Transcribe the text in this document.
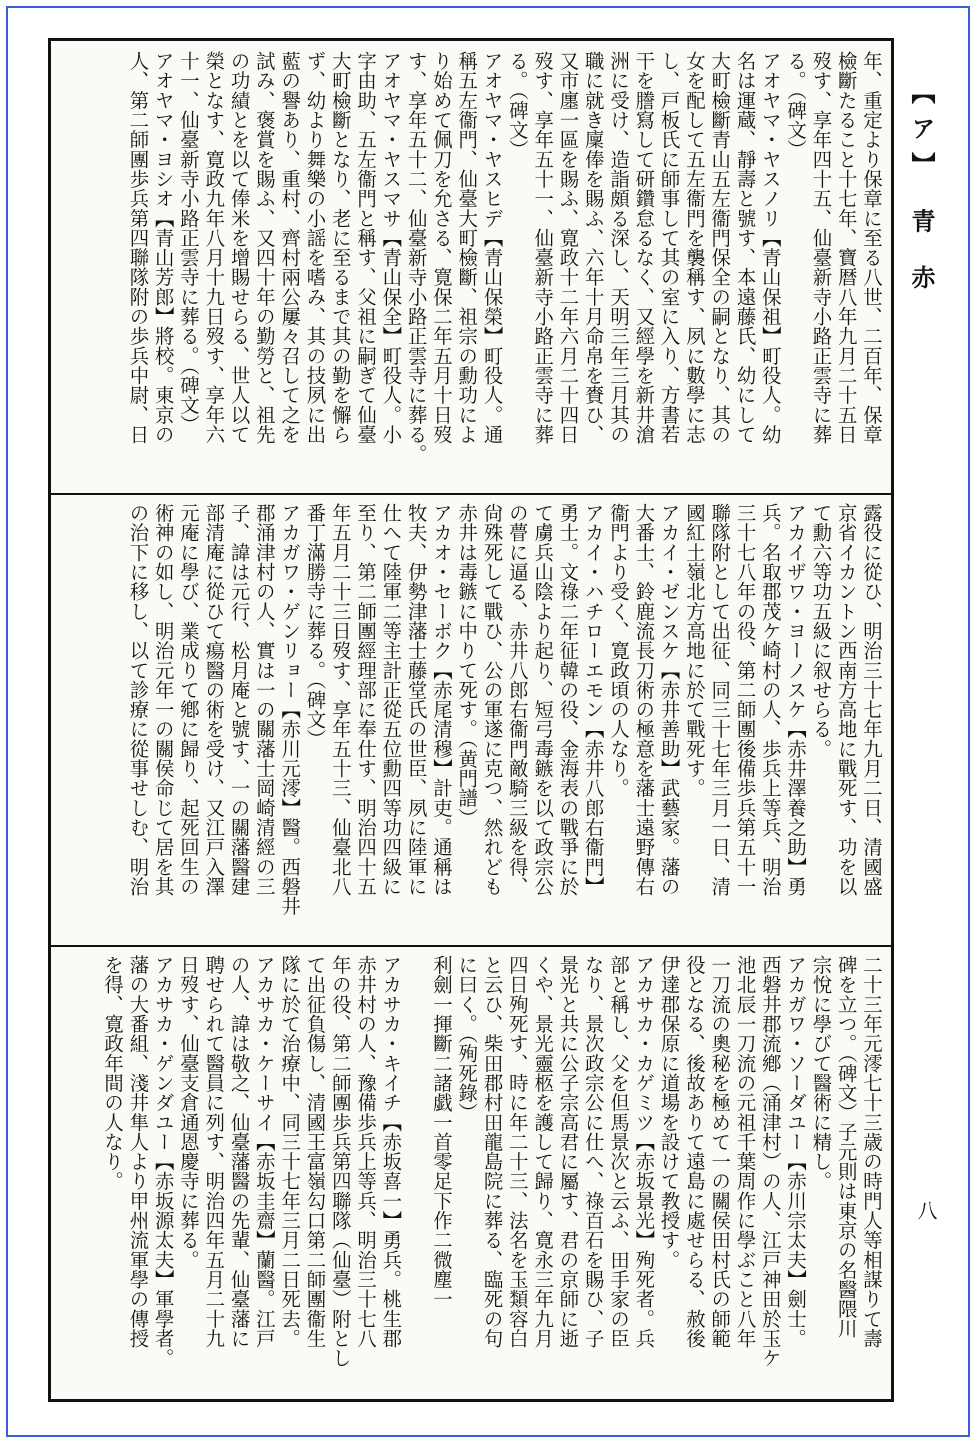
【ア】 青 赤
八
年、重定より保章に至る八世、二百年、保章
檢斷たること十七年、寶暦八年九月二十五日
歿す、享年四十五、仙臺新寺小路正雲寺に葬
る。（碑文）
アオヤマ・ヤスノリ【青山保祖】町役人。幼
名は運蔵、靜壽と號す、本遠藤氏、幼にして
大町檢斷青山五左衞門保全の嗣となり、其の
女を配して五左衞門を襲稱す、夙に數學に志
し、戸板氏に師事して其の室に入り、方書若
干を謄寫して研鑽怠るなく、又經學を新井滄
洲に受け、造詣頗る深し、天明三年三月其の
職に就き廩俸を賜ふ、六年十月命帛を賚ひ、
又市廛一區を賜ふ、寛政十二年六月二十四日
歿す、享年五十一、仙臺新寺小路正雲寺に葬
る。（碑文）
アオヤマ・ヤスヒデ【青山保榮】町役人。通
稱五左衞門、仙臺大町檢斷、祖宗の勳功によ
り始めて佩刀を允さる、寛保二年五月十日歿
す、享年五十二、仙臺新寺小路正雲寺に葬る。
アオヤマ・ヤスマサ【青山保全】町役人。小
字由助、五左衞門と稱す、父祖に嗣ぎて仙臺
大町檢斷となり、老に至るまで其の勤を懈ら
ず、幼より舞樂の小謡を嗜み、其の技夙に出
藍の譽あり、重村、齊村兩公屢々召して之を
試み、褒賞を賜ふ、又四十年の勤勞と、祖先
の功績とを以て俸米を增賜せらる、世人以て
榮となす、寛政九年八月十九日歿す、享年六
十一、仙臺新寺小路正雲寺に葬る。（碑文）
アオヤマ・ヨシオ【青山芳郎】將校。東京の
人、第二師團歩兵第四聯隊附の歩兵中尉、日
露役に從ひ、明治三十七年九月二日、清國盛
京省イカントン西南方高地に戰死す、功を以
て勳六等功五級に叙せらる。
アカイザワ・ヨーノスケ【赤井澤養之助】勇
兵。名取郡茂ケ崎村の人、歩兵上等兵、明治
三十七八年の役、第二師團後備歩兵第五十一
聯隊附として出征、同三十七年三月一日、清
國紅土嶺北方高地に於て戰死す。
アカイ・ゼンスケ【赤井善助】武藝家。藩の
大番士、鈴鹿流長刀術の極意を藩士遠野傳右
衞門より受く、寛政頃の人なり。
アカイ・ハチローエモン【赤井八郎右衞門】
勇士。文祿二年征韓の役、金海表の戰爭に於
て虜兵山陰より起り、短弓毒鏃を以て政宗公
の瞢に逼る、赤井八郎右衞門敵騎三級を得、
尙殊死して戰ひ、公の軍遂に克つ、然れども
赤井は毒鏃に中りて死す。（黄門譜）
アカオ・セーボク【赤尾清穆】計吏。通稱は
牧夫、伊勢津藩士藤堂氏の世臣、夙に陸軍に
仕へて陸軍二等主計正從五位勳四等功四級に
至り、第二師團經理部に奉仕す、明治四十五
年五月二十三日歿す、享年五十三、仙臺北八
番丁滿勝寺に葬る。（碑文）
アカガワ・ゲンリョー【赤川元澪】醫。西磐井
郡涌津村の人、實は一の關藩士岡崎清經の三
子、諱は元行、松月庵と號す、一の關藩醫建
部清庵に從ひて瘍醫の術を受け、又江戸入澤
元庵に學び、業成りて鄕に歸り、起死回生の
術神の如し、明治元年一の關侯命じて居を其
の治下に移し、以て診療に從事せしむ、明治
二十三年元澪七十三歳の時門人等相謀りて壽
碑を立つ。（碑文）子元則は東京の名醫隈川
宗悅に學びて醫術に精し。
アカガワ・ソーダユー【赤川宗太夫】劍士。
西磐井郡流鄕（涌津村）の人、江戸神田於玉ケ
池北辰一刀流の元祖千葉周作に學ぶこと八年
一刀流の奧秘を極めて一の關侯田村氏の師範
役となる、後故ありて遠島に處せらる、赦後
伊達郡保原に道場を設けて教授す。
アカサカ・カゲミツ【赤坂景光】殉死者。兵
部と稱し、父を但馬景次と云ふ、田手家の臣
なり、景次政宗公に仕へ、祿百石を賜ひ、子
景光と共に公子宗高君に屬す、君の京師に逝
くや、景光靈柩を護して歸り、寛永三年九月
四日殉死す、時に年二十三、法名を玉類容白
と云ひ、柴田郡村田龍島院に葬る、臨死の句
に曰く。（殉死錄）
利劍一揮斷二諸戯一首零足下作二微塵一
アカサカ・キイチ【赤坂喜一】勇兵。桃生郡
赤井村の人、豫備歩兵上等兵、明治三十七八
年の役、第二師團歩兵第四聯隊（仙臺）附とし
て出征負傷し、清國王富嶺勾口第二師團衞生
隊に於て治療中、同三十七年三月二日死去。
アカサカ・ケーサイ【赤坂圭齋】蘭醫。江戸
の人、諱は敬之、仙臺藩醫の先輩、仙臺藩に
聘せられて醫員に列す、明治四年五月二十九
日歿す、仙臺支倉通恩慶寺に葬る。
アカサカ・ゲンダユー【赤坂源太夫】軍學者。
藩の大番組、淺井隼人より甲州流軍學の傳授
を得、寛政年間の人なり。
